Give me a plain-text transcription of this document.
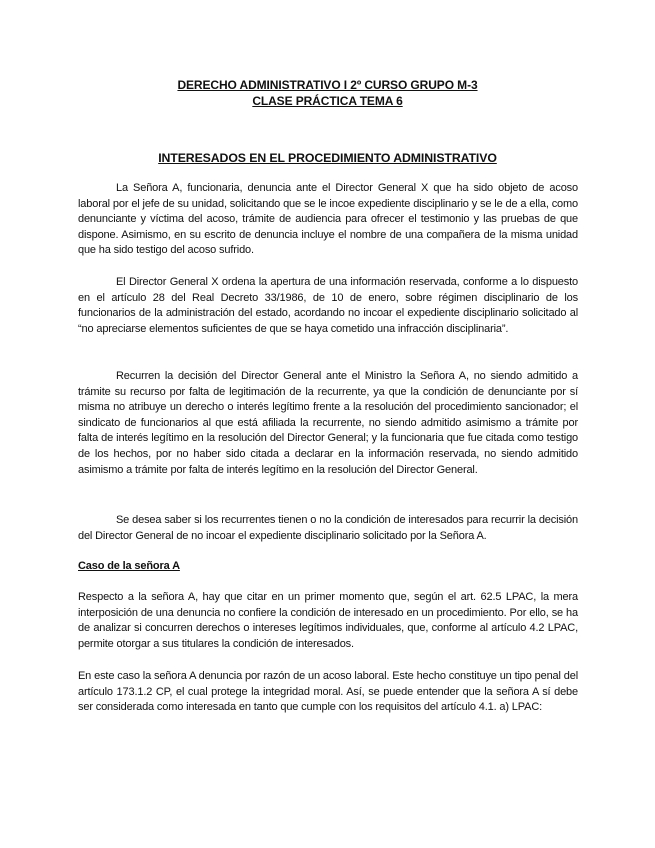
DERECHO ADMINISTRATIVO I 2º CURSO GRUPO M-3
CLASE PRÁCTICA TEMA 6
INTERESADOS EN EL PROCEDIMIENTO ADMINISTRATIVO

La Señora A, funcionaria, denuncia ante el Director General X que ha sido objeto de acoso laboral por el jefe de su unidad, solicitando que se le incoe expediente disciplinario y se le de a ella, como denunciante y víctima del acoso, trámite de audiencia para ofrecer el testimonio y las pruebas de que dispone. Asimismo, en su escrito de denuncia incluye el nombre de una compañera de la misma unidad que ha sido testigo del acoso sufrido.

El Director General X ordena la apertura de una información reservada, conforme a lo dispuesto en el artículo 28 del Real Decreto 33/1986, de 10 de enero, sobre régimen disciplinario de los funcionarios de la administración del estado, acordando no incoar el expediente disciplinario solicitado al “no apreciarse elementos suficientes de que se haya cometido una infracción disciplinaria”.

Recurren la decisión del Director General ante el Ministro la Señora A, no siendo admitido a trámite su recurso por falta de legitimación de la recurrente, ya que la condición de denunciante por sí misma no atribuye un derecho o interés legítimo frente a la resolución del procedimiento sancionador; el sindicato de funcionarios al que está afiliada la recurrente, no siendo admitido asimismo a trámite por falta de interés legítimo en la resolución del Director General; y la funcionaria que fue citada como testigo de los hechos, por no haber sido citada a declarar en la información reservada, no siendo admitido asimismo a trámite por falta de interés legítimo en la resolución del Director General.

Se desea saber si los recurrentes tienen o no la condición de interesados para recurrir la decisión del Director General de no incoar el expediente disciplinario solicitado por la Señora A.

Caso de la señora A

Respecto a la señora A, hay que citar en un primer momento que, según el art. 62.5 LPAC, la mera interposición de una denuncia no confiere la condición de interesado en un procedimiento. Por ello, se ha de analizar si concurren derechos o intereses legítimos individuales, que, conforme al artículo 4.2 LPAC, permite otorgar a sus titulares la condición de interesados.

En este caso la señora A denuncia por razón de un acoso laboral. Este hecho constituye un tipo penal del artículo 173.1.2 CP, el cual protege la integridad moral. Así, se puede entender que la señora A sí debe ser considerada como interesada en tanto que cumple con los requisitos del artículo 4.1. a) LPAC:
